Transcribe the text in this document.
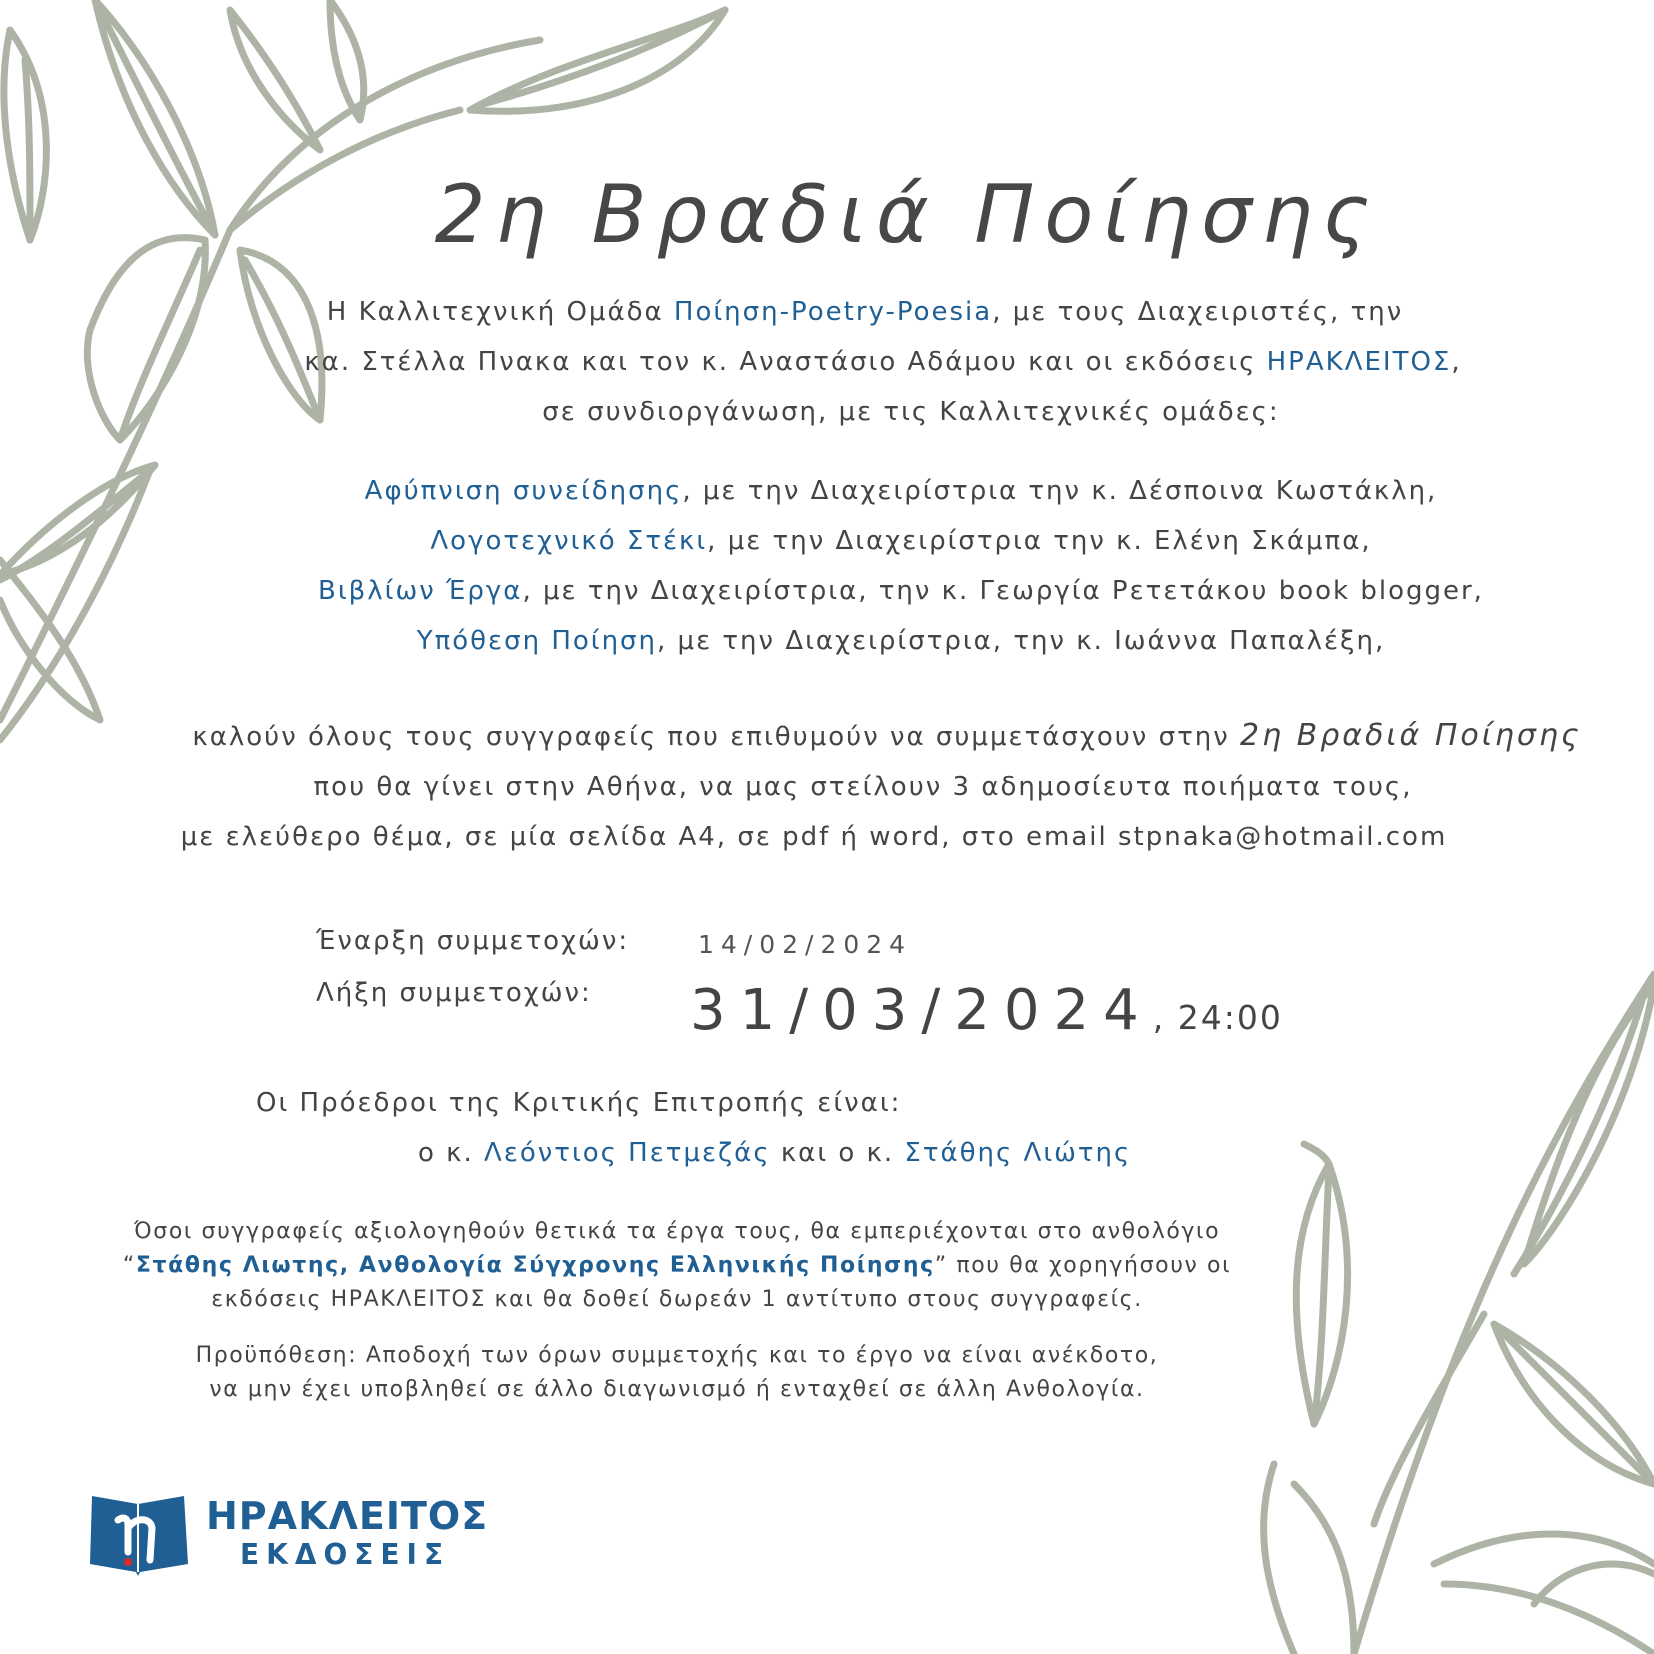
2η Βραδιά Ποίησης
Η Καλλιτεχνική Ομάδα Ποίηση-Poetry-Poesia, με τους Διαχειριστές, την
κα. Στέλλα Πνακα και τον κ. Αναστάσιο Αδάμου και οι εκδόσεις ΗΡΑΚΛΕΙΤΟΣ,
σε συνδιοργάνωση, με τις Καλλιτεχνικές ομάδες:
Αφύπνιση συνείδησης, με την Διαχειρίστρια την κ. Δέσποινα Κωστάκλη,
Λογοτεχνικό Στέκι, με την Διαχειρίστρια την κ. Ελένη Σκάμπα,
Βιβλίων Έργα, με την Διαχειρίστρια, την κ. Γεωργία Ρετετάκου book blogger,
Υπόθεση Ποίηση, με την Διαχειρίστρια, την κ. Ιωάννα Παπαλέξη,
καλούν όλους τους συγγραφείς που επιθυμούν να συμμετάσχουν στην 2η Βραδιά Ποίησης
που θα γίνει στην Αθήνα, να μας στείλουν 3 αδημοσίευτα ποιήματα τους,
με ελεύθερο θέμα, σε μία σελίδα Α4, σε pdf ή word, στο email stpnaka@hotmail.com
Έναρξη συμμετοχών:	14/02/2024
Λήξη συμμετοχών: 31/03/2024, 24:00
Οι Πρόεδροι της Κριτικής Επιτροπής είναι:
ο κ. Λεόντιος Πετμεζάς και ο κ. Στάθης Λιώτης
Όσοι συγγραφείς αξιολογηθούν θετικά τα έργα τους, θα εμπεριέχονται στο ανθολόγιο
“Στάθης Λιωτης, Ανθολογία Σύγχρονης Ελληνικής Ποίησης” που θα χορηγήσουν οι
εκδόσεις ΗΡΑΚΛΕΙΤΟΣ και θα δοθεί δωρεάν 1 αντίτυπο στους συγγραφείς.
Προϋπόθεση: Αποδοχή των όρων συμμετοχής και το έργο να είναι ανέκδοτο,
να μην έχει υποβληθεί σε άλλο διαγωνισμό ή ενταχθεί σε άλλη Ανθολογία.
ΗΡΑΚΛΕΙΤΟΣ
ΕΚΔΟΣΕΙΣ
